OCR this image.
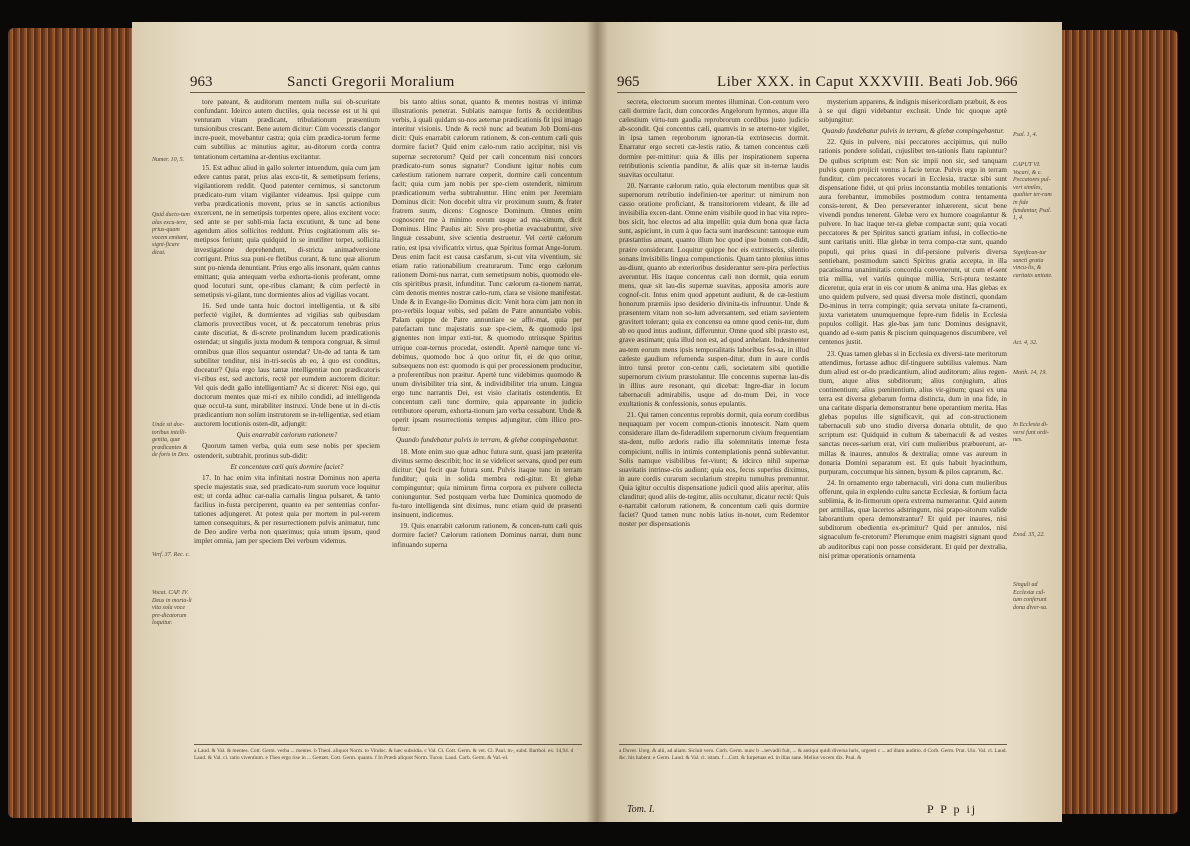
963	Sancti Gregorii Moralium
Numer. 10, 5.
Quid ducto-tum alas excu-tere, prius-quam vocem emitant, signi-ficare dicat.
Unde sit doc-toribus intelli-gentia, quæ prædicantes & de foris in Deo.
Verf. 37. Rec. c.
Vocat. CAP. IV. Deus in morta-li vita sola voce pre-dicatorum loquitur.

tore pateant, & auditorum mentem nulla sui ob-scuritate confundant. Ideirco autem ductiles, quia necesse est ut hi qui venturam vitam prædicant, tribulationum præsentium tunsionibus crescant. Bene autem dicitur: Cùm vocesstis clangor incre-pueit, movebantur castra; quia cùm prædica-torum ferme cum subtilius ac minutius agitur, au-ditorum corda contra tentationum certamina ar-dentius excitantur.

15. Est adhuc aliud in gallo solerter intuendum, quia cum jam edere cantus parat, prius alas excu-tit, & semetipsum feriens, vigilantiorem reddit. Quod patenter cernimus, si sanctorum prædicato-rum vitam vigilanter videamus. Ipsi quippe cum verba prædicationis movent, prius se in sanctis actionibus excercent, ne in semetipsis torpentes opere, alios excitent voce: sed ante se per subli-mia facta excutiunt, & tunc ad bene agendum alios sollicitos reddunt. Prius cogitationum alis se-metipsos feriunt; quia quidquid in se inutiliter torpet, sollicita investigatione deprehendunt, di-stricta animadversione corrigunt. Prius sua puni-re fletibus curant, & tunc quæ aliorum sunt pu-nienda denuntiant. Prius ergo alis insonant, quàm cantus emittant; quia antequam verba exhorta-tionis proferant, omne quod locuturi sunt, ope-ribus clamant; & cùm perfectè in semetipsis vi-gilant, tunc dormientes alios ad vigilias vocant.

16. Sed unde tanta huic doctori intelligentia, ut & sibi perfectè vigilet, & dormientes ad vigilias sub quibusdam clamoris provectibus vocet, ut & peccatorum tenebras prius caute discutiat, & di-screte prolinandum lucem prædicationis ostendat; ut singulis juxta modum & tempora congruat, & simul omnibus quæ illos sequantur ostendat? Un-de ad tanta & tam subtiliter tenditur, nisi in-tri-secùs ab eo, à quo est conditus, doceatur? Quia ergo laus tantæ intelligentiæ non prædicatoris vi-ribus est, sed auctoris, rectè per eumdem auctorem dicitur: Vel quis dedit gallo intelligentiam? Ac si diceret: Nisi ego, qui doctorum mentes quæ mi-ri ex nihilo condidi, ad intelligenda quæ occul-ta sunt, mirabiliter instruxi. Unde bene ut in di-ctis prædicantium non solùm instrutorem se in-telligentiæ, sed etiam auctorem locutionis osten-dit, adjungit:

Quis enarrabit cælorum rationem?

Quorum tamen verba, quia eum sese nobis per speciem ostenderit, subtrahit, protinus sub-didit:

Et concentum cæli quis dormire faciet?

17. In hac enim vita infinitati nostræ Dominus non aperta specie majestatis suæ, sed prædicato-rum suorum voce loquitur est; ut corda adhuc car-nalia carnalis lingua pulsaret, & tanto facilius in-fusta perciperent, quanto ea per sententias confor-tationes adjungeret. At potest quia per mortem in pul-verem tamen consequiturs, & per resurrectionem pulvis animatur, tunc de Deo audire verba non quærimus; quia unum ipsum, quod implet omnia, jam per speciem Dei verbum videmus.

bis tanto altius sonat, quanto & mentes nostras vi intimæ illustrationis penetrat. Sublatis namque fortis & occidentibus verbis, à quali quidam su-nos aeternæ prædicationis fit ipsi imago interitur visionis. Unde & rectè nunc ad beatum Job Domi-nus dicit: Quis enarrabit cælorum rationem, & con-centum cæli quis dormire faciet? Quid enim cælo-rum ratio accipitur, nisi vis supernæ secretorum? Quid per cæli concentum nisi concors prædicato-rum sonus signatur? Condiunt igitur nobis cum cælestium rationem narrare cœperit, dormire cæli concentum facit; quia cum jam nobis per spe-ciem ostenderit, nimirum prædicationum verba subtrahuntur. Hinc enim per Jeremiam Dominus dicit: Non docebit ultra vir proximum suum, & frater fratrem suum, dicens: Cognosce Dominum. Omnes enim cognoscent me à minimo eorum usque ad ma-ximum, dicit Dominus. Hinc Paulus ait: Sive pro-phetiæ evacuabuntur, sive linguæ cessabunt, sive scientia destruetur. Vel certè cælorum ratio, est ipsa vivificatrix virtus, quæ Spiritus format Ange-lorum. Deus enim facit est causa cæsfarum, si-cut vita viventium, sic etiam ratio rationabilium creaturarum. Tunc ergo cælorum rationem Domi-nus narrat, cum semetipsum nobis, quomodo ele-ctis spiritibus præsit, infunditur. Tunc cælorum ra-tionem narrat, cùm denotis mentes nostræ cælo-rum, clara se visione manifestat. Unde & in Evange-lio Dominus dicit: Venit hora cùm jam non in pro-verbiis loquar vobis, sed palàm de Patre annuntiabo vobis. Palam quippe de Patre annuntiare se affir-mat, quia per patefactam tunc majestatis suæ spe-ciem, & quomodo ipsi gignentes non impar exti-tur, & quomodo utriusque Spiritus utrique coæ-ternus procedat, ostendit. Apertè namque tunc vi-debimus, quomodo hoc à quo oritur fit, ei de quo oritur, subsequens non est: quomodo is qui per processionem producitur, a proferentibus non præitur. Apertè tunc videbimus quomodo & unum divisibiliter tria sint, & individibiliter tria unum. Lingua ergo tunc narrantis Dei, est visio claritatis ostendentis. Et concentum cæli tunc dormire, quia appareante in judicio retributore operum, exhorta-tionum jam verba cessabunt. Unde & operit ipsam resurrectionis tempus adjungitur, cùm illico pro-fertur:

Quando fundebatur pulvis in terram, & glebæ compingebantur.

18. Mote enim suo quæ adhuc futura sunt, quasi jam præterita divinus sermo describit; hoc in se videlicet servans, quod per eum dicitur: Qui fecit quæ futura sunt. Pulvis itaque tunc in terram funditur; quia in solida membra redi-gitur. Et glebæ compinguntur; quia nimirum firma corpora ex pulvere collecta coniunguntur. Sed postquam verba hæc Dominica quomodo de fu-turo intelligenda sint diximus, nunc etiam quid de præsenti insinuent, indicemus.

19. Quis enarrabit cælorum rationem, & concen-tum cæli quis dormire faciet? Cælorum rationem Dominus narrat, dum nunc infinuando superna

a Laud. & Val. & mentes. Cott. Germ. verba ... mentes. b Theol. aliquot Norm. to Vindoc. & hæc subsidia. c Val. Cl. Cott. Germ. & vet. Cl. Paul. m-, subd. Barthol. ex. 14,94. d Laud. & Val. cl. ratio viventium. e Theo ergo rise in ... Gemæt. Cott. Germ. quanto. f In Prædi aliquot Norm. Turon. Laud. Corb. Germ. & Val.-el.
965	Liber XXX. in Caput XXXVIII. Beati Job. 966

secreta, electorum suorum mentes illuminat. Con-centum vero cæli dormire facit, dum concordes Angelorum hymnos, atque illa cælestium virtu-tum gaudia reprobrorum cordibus justo judicio ab-scondit. Qui concentus cæli, quamvis in se æterno-ter vigilet, in ipsa tamen reproborum ignoran-tia extrinsecus dormit. Enarratur ergo secreti cæ-lestis ratio, & tamen concentus cæli dormire per-mittitur: quia & illis per inspirationem superna retributionis scientia panditur, & aliis quæ sit in-ternæ laudis suavitas occultatur.

20. Narrante cælorum ratio, quia electorum mentibus quæ sit supernorum retributio indefinien-ter aperitur: ut nimirum non casso oratione proficiant, & transitoriorem videant, & ille ad invisibilia excen-dant. Omne enim visibile quod in hac vita repro-bos sicit, hoc electos ad alta impellit: quia dum bona quæ facta sunt, aspiciunt, in cum à quo facta sunt inardescunt: tantoque eum præstantius amant, quanto illum hoc quod ipse bonum con-didit, præire considerant. Loquitur quippe hoc eis extrinsecùs, silentio sonans invisibilis lingua compunctionis. Quam tanto plenius intus au-diunt, quanto ab exterioribus desiderantur sere-pira perfectius averuntur. His itaque concentus cæli non dormit, quia eorum mens, quæ sit lau-dis supernæ suavitas, apposita amoris aure cognof-cit. Intus enim quod appetunt audiunt, & de cæ-lestium honorum præmiis ipso desiderio divinita-tis infruuntur. Unde & præsentem vitam non so-lum adversantem, sed etiam savientem gravitert tolerant; quia ex concensu ea omne quod cenis-tur, dum ab eo quod intus audiunt, differuntur. Omne quod sibi præsto est, grave æstimant; quia illud non est, ad quod anhelant. Indesinenter au-tem eorum mens ipsis temporalitatis laboribus fes-sa, in illud cæleste gaudium refumenda suspen-ditur, dum in aure cordis intro tunsi pretor con-centu cæli, societatem sibi quotidie supernorum civium præstolantur. Ille concentus supernæ lau-dis in illius aure resonant, qui dicebat: Ingre-diar in locum tabernaculi admirabilis, usque ad do-mum Dei, in voce exultationis & confessionis, sonus epulantis.

21. Qui tamen concentus reprobis dormit, quia eorum cordibus nequaquam per vocem compun-ctionis innotescit. Nam quem considerare illam de-fideradilem supernorum civium frequentiam sta-dent, nullo ardoris radio illa solemnitatis internæ festa compiciunt, nullis in intimis contemplationis pennâ sublevantur. Solis namque visibilibus fer-viunt; & idcirco nihil supernæ suavitatis intrinse-cùs audiunt; quia eos, fecus superius diximus, in aure cordis curarum secularium strepitu tumultus premuntur. Quia igitur occultis dispensatione judicii quod aliis aperitur, aliis clauditur; quod aliis de-tegitur, aliis occultatur, dicatur rectè: Quis e-narrabit cælorum rationem, & concentum cæli quis dormire faciet? Quod tamen nunc nobis latius in-notet, cum Redemtor noster per dispensationis

mysterium apparens, & indignis misericordiam præbuit, & eos à se qui digni videbantur exclusit. Unde hic quoque aptè subjungitur:

Quando fundebatur pulvis in terram, & glebæ compingebantur.

22. Quis in pulvere, nisi peccatores accipimus, qui nullo rationis pondere solidati, cujuslibet ten-tationis flatu rapiuntur? De quibus scriptum est: Non sic impii non sic, sed tanquam pulvis quem projicit ventus à facie terræ. Pulvis ergo in terram funditur, cùm peccatores vocari in Ecclesia, tractæ sibi sunt dispensatione fidei, ut qui prius inconstantia mobiles tentationis aura ferebantur, immobiles postmodum contra tentamenta consis-terent, & Deo perseveranter inhærerent, sicut bene vivendi pondus tenerent. Glebæ vero ex humore coagulantur & pulvere. In hac itaque ter-ra glebæ compactæ sunt; quia vocati peccatores & per Spiritus sancti gratiam infusi, in collectio-ne sunt caritatis uniti. Illæ glebæ in terra compa-ctæ sunt, quando populi, qui prius quasi in dif-persione pulveris diversa sentiebant, postmodum sancti Spiritus gratia accepta, in illa pacatissima unanimitatis concordia convenerunt, ut cum ef-sent tria millia, vel variùs quinque millia, Scri-ptura testante diceretur, quia erat in eis cor unum & anima una. Has glebas ex uno quidem pulvere, sed quasi diversa mole distincti, quondam Do-minus in terra compingit; quia servata unitate fa-cramenti, juxta varietatem unumquemque fepre-rum fidelis in Ecclesia populos colligit. Has gle-bas jam tunc Dominus designavit, quando ad e-sum panis & piscium quinquagenos discumbere, vel centenos justit.

23. Quas tamen glebas si in Ecclesia ex diversi-tate meritorum attendimus, fortasse adhuc dif-tinguere subtilius valemus. Nam dum aliud est or-do prædicantium, aliud auditorum; alius regen-tium, atque alius subditorum; alius conjugium, alius continentium; alius pœnitentium, alius vir-ginum; quasi ex una terra est diversa glebarum forma distincta, dum in una fide, in una caritate disparia demonstrantur bene operantium merita. Has glebas populus ille significavit, qui ad con-structionem tabernaculi sub uno studio diversa donaria obtulit, de quo scriptum est: Quidquid in cultum & tabernaculi & ad vestes sanctas neces-sarium erat, viri cum mulieribus præbuerunt, ar-millas & inaures, annulos & dextralia; omne vas aureum in donaria Domini separatum est. Et quis habuit hyacinthum, purpuram, coccumque his sinnen, bysum & pilos caprarum, &c.

24. In ornamento ergo tabernaculi, viri dona cum mulieribus offerunt, quia in explendo cultu sanctæ Ecclesiæ, & fortium facta sublimia, & in-firmorum opera extrema numerantur. Quid autem per armillas, quæ lacertos adstringunt, nisi prapo-sitorum valide laborantium opera demonstrantur? Et quid per inaures, nisi subditorum obedientia ex-primitur? Quid per annulos, nisi signaculum fe-cretorum? Plerumque enim magistri signant quod ab auditoribus capi non posse considerant. Et quid per dextralia, nisi primæ operationis ornamenta

Psal. 1, 4.
CAPUT VI. Vocari, & c. Peccatores pul-veri similes, qualiter ter-ram in fide fundantur, Psal. 1, 4.
Significan-tur sancti gratia vincu-lis, & caritatis unitate.
Act. 4, 32.
Matth. 14, 19.
In Ecclesia di-versi funt ordi-nes.
Exod. 35, 22.
Singuli ad Ecclesiæ cul-tum conferunt dona diver-sa.
a Duvet. Ureg. & alii, ad aliam. Sicluit vero. Corb. Germ. nunc b ...tervadii fuit, ... & antiqui quidi diversa luris, urgenti c ... ad illam auditio. d Corb. Germ. Prat. Ulo. Val. cl. Laud. &c. his habent. e Germ. Laud. & Val. cl. istam. f ...Cott. & Iurpetuas ed. in illas sane. Melius vocem dix. Psal. &
Tom. I.	P P p ij
